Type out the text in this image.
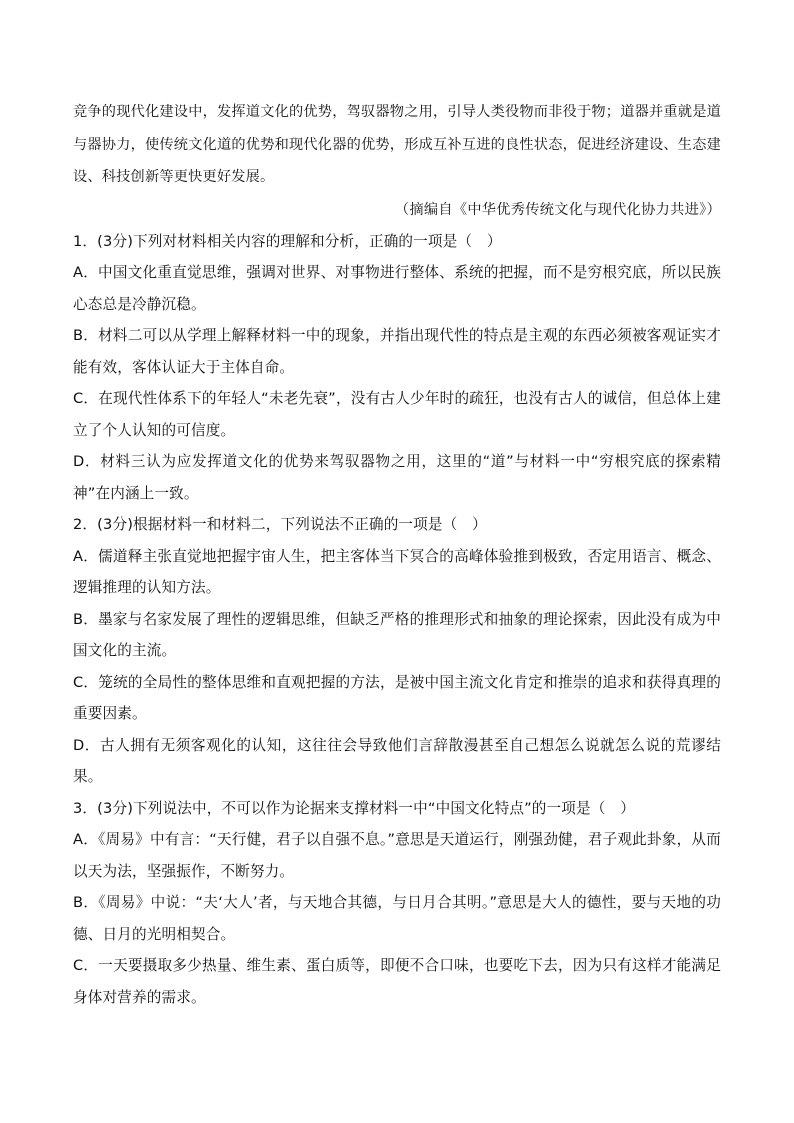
竞争的现代化建设中，发挥道文化的优势，驾驭器物之用，引导人类役物而非役于物；道器并重就是道与器协力，使传统文化道的优势和现代化器的优势，形成互补互进的良性状态，促进经济建设、生态建设、科技创新等更快更好发展。

（摘编自《中华优秀传统文化与现代化协力共进》）

1．(3分)下列对材料相关内容的理解和分析，正确的一项是（　）

A．中国文化重直觉思维，强调对世界、对事物进行整体、系统的把握，而不是穷根究底，所以民族心态总是冷静沉稳。

B．材料二可以从学理上解释材料一中的现象，并指出现代性的特点是主观的东西必须被客观证实才能有效，客体认证大于主体自命。

C．在现代性体系下的年轻人“未老先衰”，没有古人少年时的疏狂，也没有古人的诚信，但总体上建立了个人认知的可信度。

D．材料三认为应发挥道文化的优势来驾驭器物之用，这里的“道”与材料一中“穷根究底的探索精神”在内涵上一致。

2．(3分)根据材料一和材料二，下列说法不正确的一项是（　）

A．儒道释主张直觉地把握宇宙人生，把主客体当下冥合的高峰体验推到极致，否定用语言、概念、逻辑推理的认知方法。

B．墨家与名家发展了理性的逻辑思维，但缺乏严格的推理形式和抽象的理论探索，因此没有成为中国文化的主流。

C．笼统的全局性的整体思维和直观把握的方法，是被中国主流文化肯定和推崇的追求和获得真理的重要因素。

D．古人拥有无须客观化的认知，这往往会导致他们言辞散漫甚至自己想怎么说就怎么说的荒谬结果。

3．(3分)下列说法中，不可以作为论据来支撑材料一中“中国文化特点”的一项是（　）

A．《周易》中有言：“天行健，君子以自强不息。”意思是天道运行，刚强劲健，君子观此卦象，从而以天为法，坚强振作，不断努力。

B．《周易》中说：“夫‘大人’者，与天地合其德，与日月合其明。”意思是大人的德性，要与天地的功德、日月的光明相契合。

C．一天要摄取多少热量、维生素、蛋白质等，即便不合口味，也要吃下去，因为只有这样才能满足身体对营养的需求。
